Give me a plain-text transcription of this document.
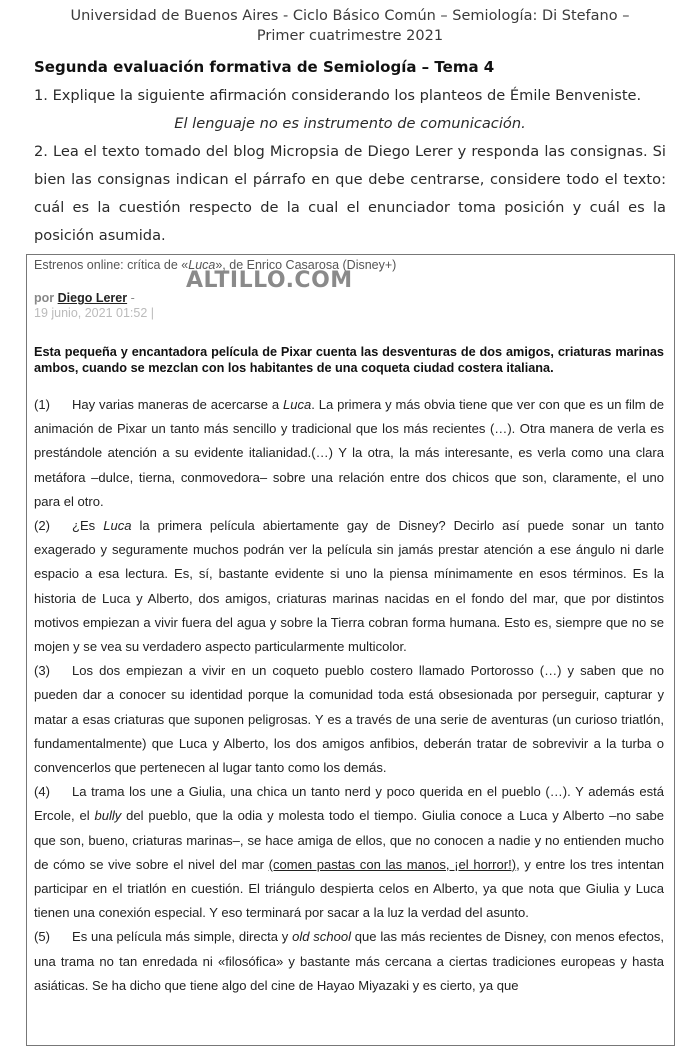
Universidad de Buenos Aires - Ciclo Básico Común – Semiología: Di Stefano –
Primer cuatrimestre 2021
Segunda evaluación formativa de Semiología – Tema 4
1. Explique la siguiente afirmación considerando los planteos de Émile Benveniste.
El lenguaje no es instrumento de comunicación.
2. Lea el texto tomado del blog Micropsia de Diego Lerer y responda las consignas. Si bien las consignas indican el párrafo en que debe centrarse, considere todo el texto: cuál es la cuestión respecto de la cual el enunciador toma posición y cuál es la posición asumida.
Estrenos online: crítica de «Luca», de Enrico Casarosa (Disney+)
ALTILLO.COM
por Diego Lerer -
19 junio, 2021 01:52 |
Esta pequeña y encantadora película de Pixar cuenta las desventuras de dos amigos, criaturas marinas ambos, cuando se mezclan con los habitantes de una coqueta ciudad costera italiana.

(1) Hay varias maneras de acercarse a Luca. La primera y más obvia tiene que ver con que es un film de animación de Pixar un tanto más sencillo y tradicional que los más recientes (…). Otra manera de verla es prestándole atención a su evidente italianidad.(…) Y la otra, la más interesante, es verla como una clara metáfora –dulce, tierna, conmovedora– sobre una relación entre dos chicos que son, claramente, el uno para el otro.

(2) ¿Es Luca la primera película abiertamente gay de Disney? Decirlo así puede sonar un tanto exagerado y seguramente muchos podrán ver la película sin jamás prestar atención a ese ángulo ni darle espacio a esa lectura. Es, sí, bastante evidente si uno la piensa mínimamente en esos términos. Es la historia de Luca y Alberto, dos amigos, criaturas marinas nacidas en el fondo del mar, que por distintos motivos empiezan a vivir fuera del agua y sobre la Tierra cobran forma humana. Esto es, siempre que no se mojen y se vea su verdadero aspecto particularmente multicolor.

(3) Los dos empiezan a vivir en un coqueto pueblo costero llamado Portorosso (…) y saben que no pueden dar a conocer su identidad porque la comunidad toda está obsesionada por perseguir, capturar y matar a esas criaturas que suponen peligrosas. Y es a través de una serie de aventuras (un curioso triatlón, fundamentalmente) que Luca y Alberto, los dos amigos anfibios, deberán tratar de sobrevivir a la turba o convencerlos que pertenecen al lugar tanto como los demás.

(4) La trama los une a Giulia, una chica un tanto nerd y poco querida en el pueblo (…). Y además está Ercole, el bully del pueblo, que la odia y molesta todo el tiempo. Giulia conoce a Luca y Alberto –no sabe que son, bueno, criaturas marinas–, se hace amiga de ellos, que no conocen a nadie y no entienden mucho de cómo se vive sobre el nivel del mar (comen pastas con las manos, ¡el horror!), y entre los tres intentan participar en el triatlón en cuestión. El triángulo despierta celos en Alberto, ya que nota que Giulia y Luca tienen una conexión especial. Y eso terminará por sacar a la luz la verdad del asunto.

(5) Es una película más simple, directa y old school que las más recientes de Disney, con menos efectos, una trama no tan enredada ni «filosófica» y bastante más cercana a ciertas tradiciones europeas y hasta asiáticas. Se ha dicho que tiene algo del cine de Hayao Miyazaki y es cierto, ya que
